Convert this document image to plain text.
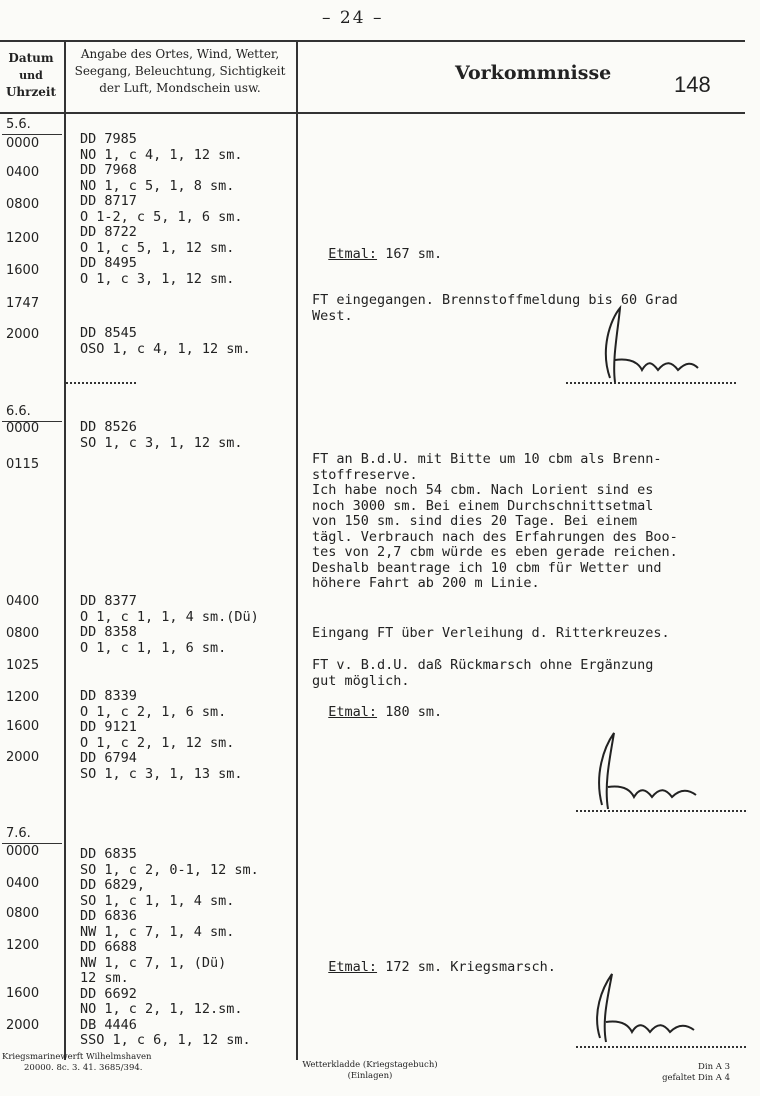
– 24 –
Datum
und
Uhrzeit
Angabe des Ortes, Wind, Wetter,
Seegang, Beleuchtung, Sichtigkeit
der Luft, Mondschein usw.
Vorkommnisse	148
5.6.
6.6.
7.6.
0000
0400
0800
1200
1600
1747
2000
0000
0115
0400
0800
1025
1200
1600
2000
0000
0400
0800
1200
1600
2000
DD 7985
NO 1, c 4, 1, 12 sm.
DD 7968
NO 1, c 5, 1, 8 sm.
DD 8717
O 1-2, c 5, 1, 6 sm.
DD 8722
O 1, c 5, 1, 12 sm.
DD 8495
O 1, c 3, 1, 12 sm.
DD 8545
OSO 1, c 4, 1, 12 sm.
DD 8526
SO 1, c 3, 1, 12 sm.
DD 8377
O 1, c 1, 1, 4 sm.(Dü)
DD 8358
O 1, c 1, 1, 6 sm.
DD 8339
O 1, c 2, 1, 6 sm.
DD 9121
O 1, c 2, 1, 12 sm.
DD 6794
SO 1, c 3, 1, 13 sm.
DD 6835
SO 1, c 2, 0-1, 12 sm.
DD 6829,
SO 1, c 1, 1, 4 sm.
DD 6836
NW 1, c 7, 1, 4 sm.
DD 6688
NW 1, c 7, 1, (Dü)
12 sm.
DD 6692
NO 1, c 2, 1, 12.sm.
DB 4446
SSO 1, c 6, 1, 12 sm.

Etmal: 167 sm.

FT eingegangen. Brennstoffmeldung bis 60 Grad
West.
FT an B.d.U. mit Bitte um 10 cbm als Brenn-
stoffreserve.
Ich habe noch 54 cbm. Nach Lorient sind es
noch 3000 sm. Bei einem Durchschnittsetmal
von 150 sm. sind dies 20 Tage. Bei einem
tägl. Verbrauch nach des Erfahrungen des Boo-
tes von 2,7 cbm würde es eben gerade reichen.
Deshalb beantrage ich 10 cbm für Wetter und
höhere Fahrt ab 200 m Linie.
Eingang FT über Verleihung d. Ritterkreuzes.
FT v. B.d.U. daß Rückmarsch ohne Ergänzung
gut möglich.

Etmal: 180 sm.

Etmal: 172 sm. Kriegsmarsch.

Kriegsmarinewerft Wilhelmshaven
20000. 8c. 3. 41. 3685/394.	Wetterkladde (Kriegstagebuch)
(Einlagen)
Din A 3
gefaltet Din A 4
